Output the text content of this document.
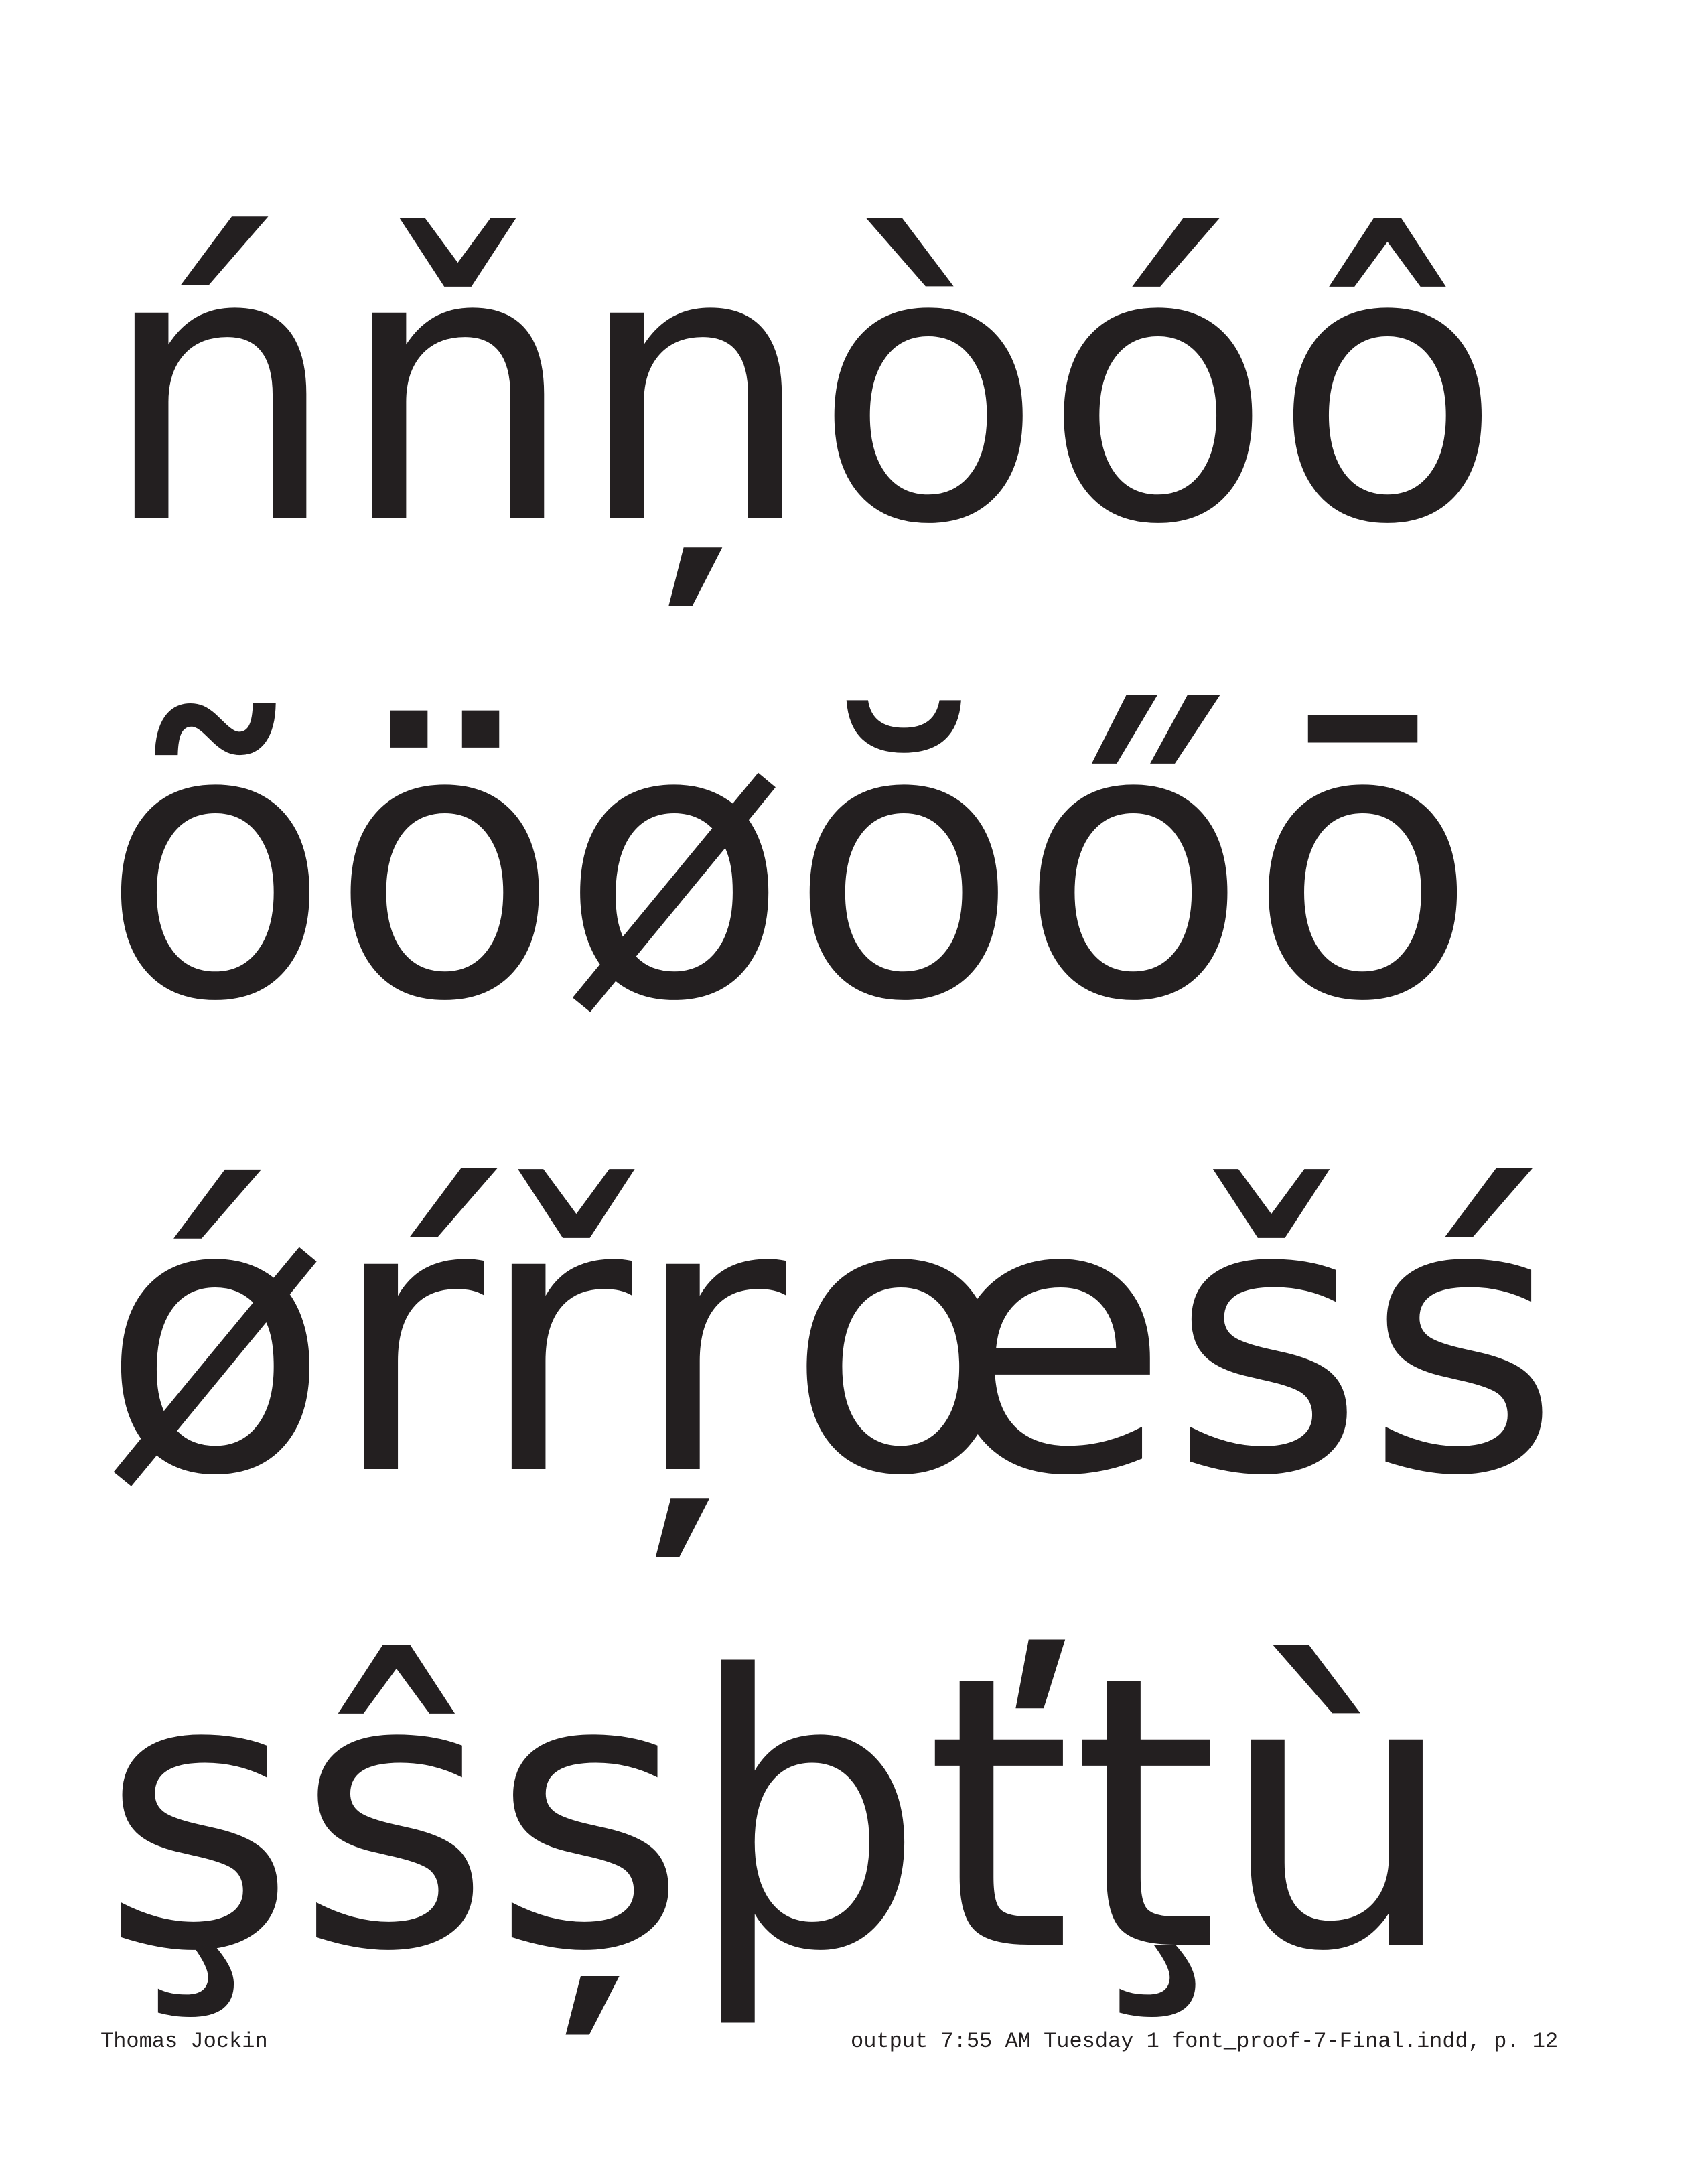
ńňņòóô
õöøŏőō
ǿŕřŗœšś
şŝșþťţù
Thomas Jockin	output 7:55 AM Tuesday 1 font_proof-7-Final.indd, p. 12
